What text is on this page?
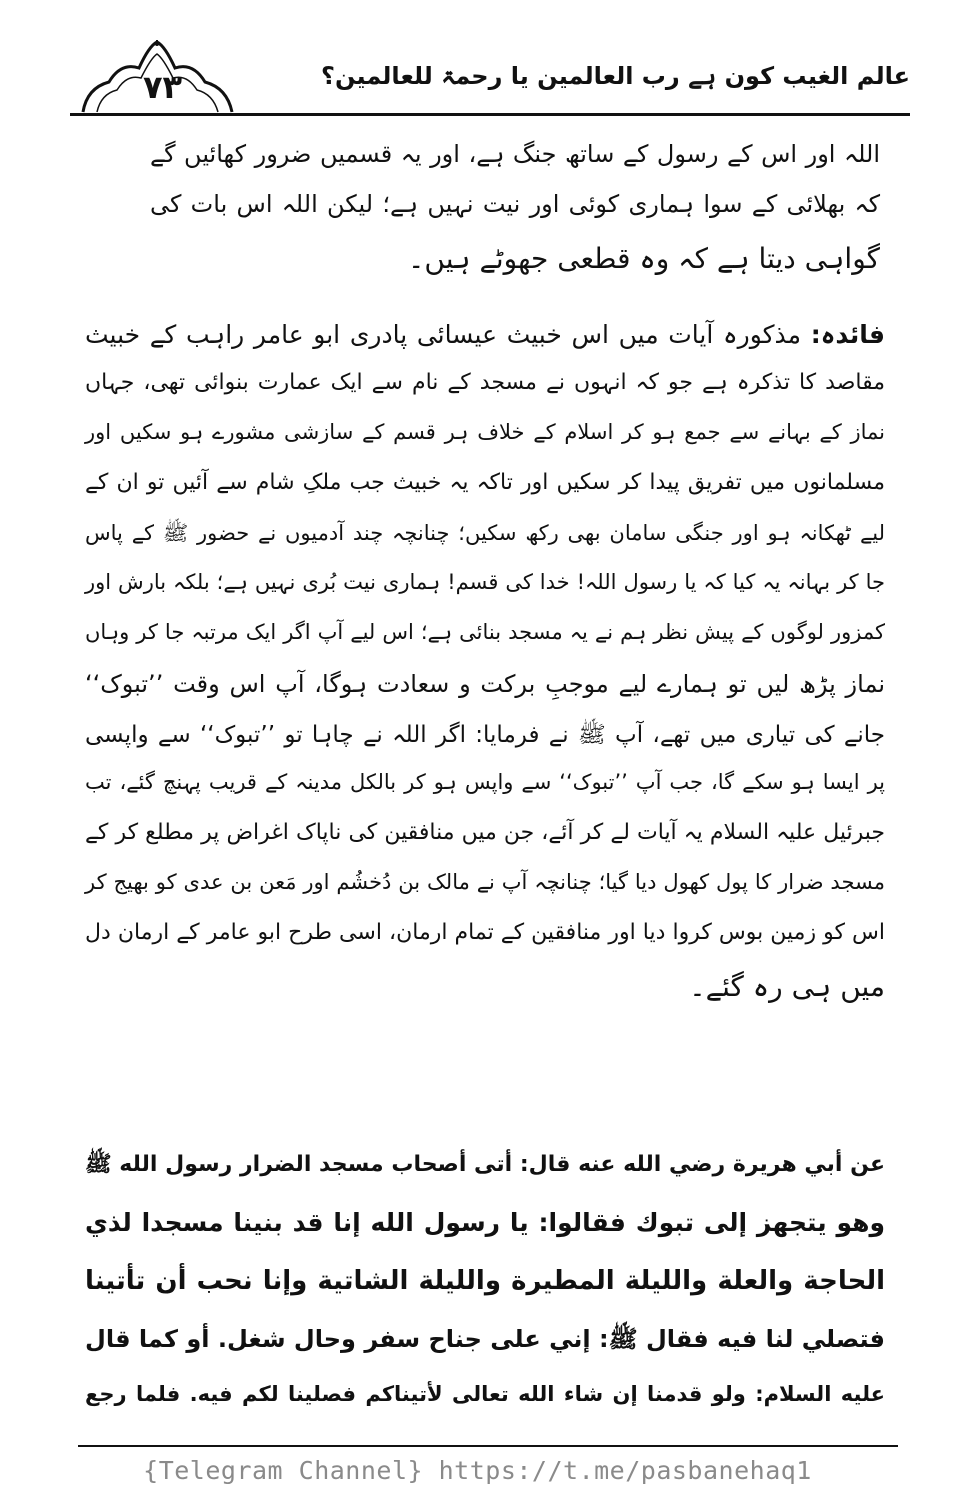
۷۳	عالم الغیب کون ہے رب العالمین یا رحمۃ للعالمین؟
اللہ اور اس کے رسول کے ساتھ جنگ ہے، اور یہ قسمیں ضرور کھائیں گے
کہ بھلائی کے سوا ہماری کوئی اور نیت نہیں ہے؛ لیکن اللہ اس بات کی
گواہی دیتا ہے کہ وہ قطعی جھوٹے ہیں۔
فائدہ: مذکورہ آیات میں اس خبیث عیسائی پادری ابو عامر راہب کے خبیث
مقاصد کا تذکرہ ہے جو کہ انہوں نے مسجد کے نام سے ایک عمارت بنوائی تھی، جہاں
نماز کے بہانے سے جمع ہو کر اسلام کے خلاف ہر قسم کے سازشی مشورے ہو سکیں اور
مسلمانوں میں تفریق پیدا کر سکیں اور تاکہ یہ خبیث جب ملکِ شام سے آئیں تو ان کے
لیے ٹھکانہ ہو اور جنگی سامان بھی رکھ سکیں؛ چنانچہ چند آدمیوں نے حضور ﷺ کے پاس
جا کر بہانہ یہ کیا کہ یا رسول اللہ! خدا کی قسم! ہماری نیت بُری نہیں ہے؛ بلکہ بارش اور
کمزور لوگوں کے پیش نظر ہم نے یہ مسجد بنائی ہے؛ اس لیے آپ اگر ایک مرتبہ جا کر وہاں
نماز پڑھ لیں تو ہمارے لیے موجبِ برکت و سعادت ہوگا، آپ اس وقت ’’تبوک‘‘
جانے کی تیاری میں تھے، آپ ﷺ نے فرمایا: اگر اللہ نے چاہا تو ’’تبوک‘‘ سے واپسی
پر ایسا ہو سکے گا، جب آپ ’’تبوک‘‘ سے واپس ہو کر بالکل مدینہ کے قریب پہنچ گئے، تب
جبرئیل علیہ السلام یہ آیات لے کر آئے، جن میں منافقین کی ناپاک اغراض پر مطلع کر کے
مسجد ضرار کا پول کھول دیا گیا؛ چنانچہ آپ نے مالک بن دُخشُم اور مَعن بن عدی کو بھیج کر
اس کو زمین بوس کروا دیا اور منافقین کے تمام ارمان، اسی طرح ابو عامر کے ارمان دل
میں ہی رہ گئے۔
عن أبي هريرة رضي الله عنه قال: أتى أصحاب مسجد الضرار رسول الله ﷺ
وهو يتجهز إلى تبوك فقالوا: يا رسول الله إنا قد بنينا مسجدا لذي
الحاجة والعلة والليلة المطيرة والليلة الشاتية وإنا نحب أن تأتينا
فتصلي لنا فيه فقال ﷺ: إني على جناح سفر وحال شغل. أو كما قال
عليه السلام: ولو قدمنا إن شاء الله تعالى لأتيناكم فصلينا لكم فيه. فلما رجع
{Telegram Channel} https://t.me/pasbanehaq1
